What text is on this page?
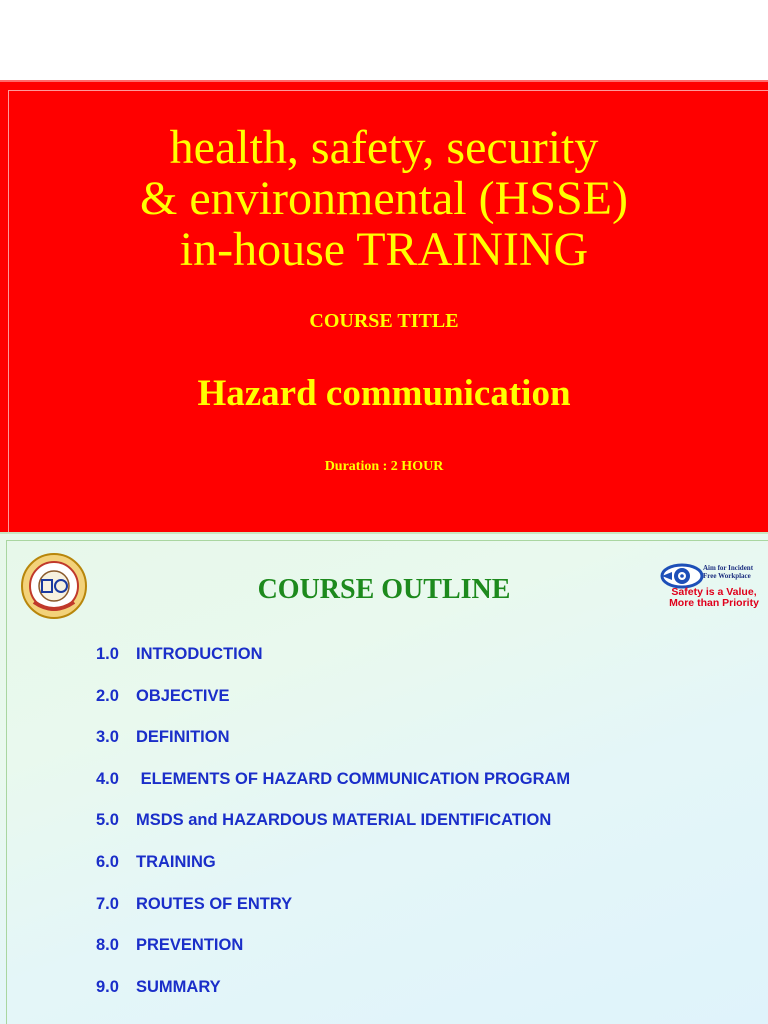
health, safety, security
& environmental (HSSE)
in-house TRAINING
COURSE TITLE
Hazard communication
Duration : 2 HOUR
COURSE OUTLINE
Aim for Incident Free Workplace
Safety is a Value,
More than Priority
1.0 INTRODUCTION
2.0 OBJECTIVE
3.0 DEFINITION
4.0 ELEMENTS OF HAZARD COMMUNICATION PROGRAM
5.0 MSDS and HAZARDOUS MATERIAL IDENTIFICATION
6.0 TRAINING
7.0 ROUTES OF ENTRY
8.0 PREVENTION
9.0 SUMMARY
